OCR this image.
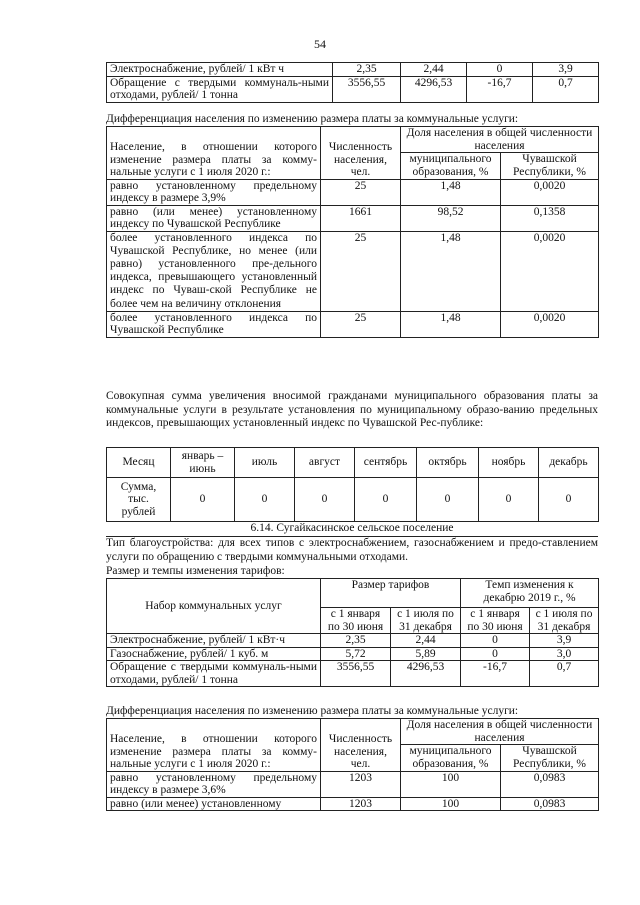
54
Электроснабжение, рублей/ 1 кВт ч	2,35	2,44	0	3,9
Обращение с твердыми коммуналь-ными отходами, рублей/ 1 тонна	3556,55	4296,53	-16,7	0,7
Дифференциация населения по изменению размера платы за коммунальные услуги:
Население, в отношении которого изменение размера платы за комму-нальные услуги с 1 июля 2020 г.:	Численность населения, чел.	Доля населения в общей численности населения	
		муниципального образования, %	Чувашской Республики, %
равно установленному предельному индексу в размере 3,9%	25	1,48	0,0020
равно (или менее) установленному индексу по Чувашской Республике	1661	98,52	0,1358
более установленного индекса по Чувашской Республике, но менее (или равно) установленного пре-дельного индекса, превышающего установленный индекс по Чуваш-ской Республике не более чем на величину отклонения	25	1,48	0,0020
более установленного индекса по Чувашской Республике	25	1,48	0,0020
Совокупная сумма увеличения вносимой гражданами муниципального образования платы за коммунальные услуги в результате установления по муниципальному образо-ванию предельных индексов, превышающих установленный индекс по Чувашской Рес-публике:
Месяц	январь – июнь	июль	август	сентябрь	октябрь	ноябрь	декабрь
Сумма, тыс. рублей	0	0	0	0	0	0	0
6.14. Сугайкасинское сельское поселение
Тип благоустройства: для всех типов с электроснабжением, газоснабжением и предо-ставлением услуги по обращению с твердыми коммунальными отходами.
Размер и темпы изменения тарифов:
Набор коммунальных услуг	Размер тарифов		Темп изменения к декабрю 2019 г., %	
	с 1 января по 30 июня	с 1 июля по 31 декабря	с 1 января по 30 июня	с 1 июля по 31 декабря
Электроснабжение, рублей/ 1 кВт·ч	2,35	2,44	0	3,9
Газоснабжение, рублей/ 1 куб. м	5,72	5,89	0	3,0
Обращение с твердыми коммуналь-ными отходами, рублей/ 1 тонна	3556,55	4296,53	-16,7	0,7
Дифференциация населения по изменению размера платы за коммунальные услуги:
Население, в отношении которого изменение размера платы за комму-нальные услуги с 1 июля 2020 г.:	Численность населения, чел.	Доля населения в общей численности населения	
		муниципального образования, %	Чувашской Республики, %
равно установленному предельному индексу в размере 3,6%	1203	100	0,0983
равно (или менее) установленному	1203	100	0,0983
